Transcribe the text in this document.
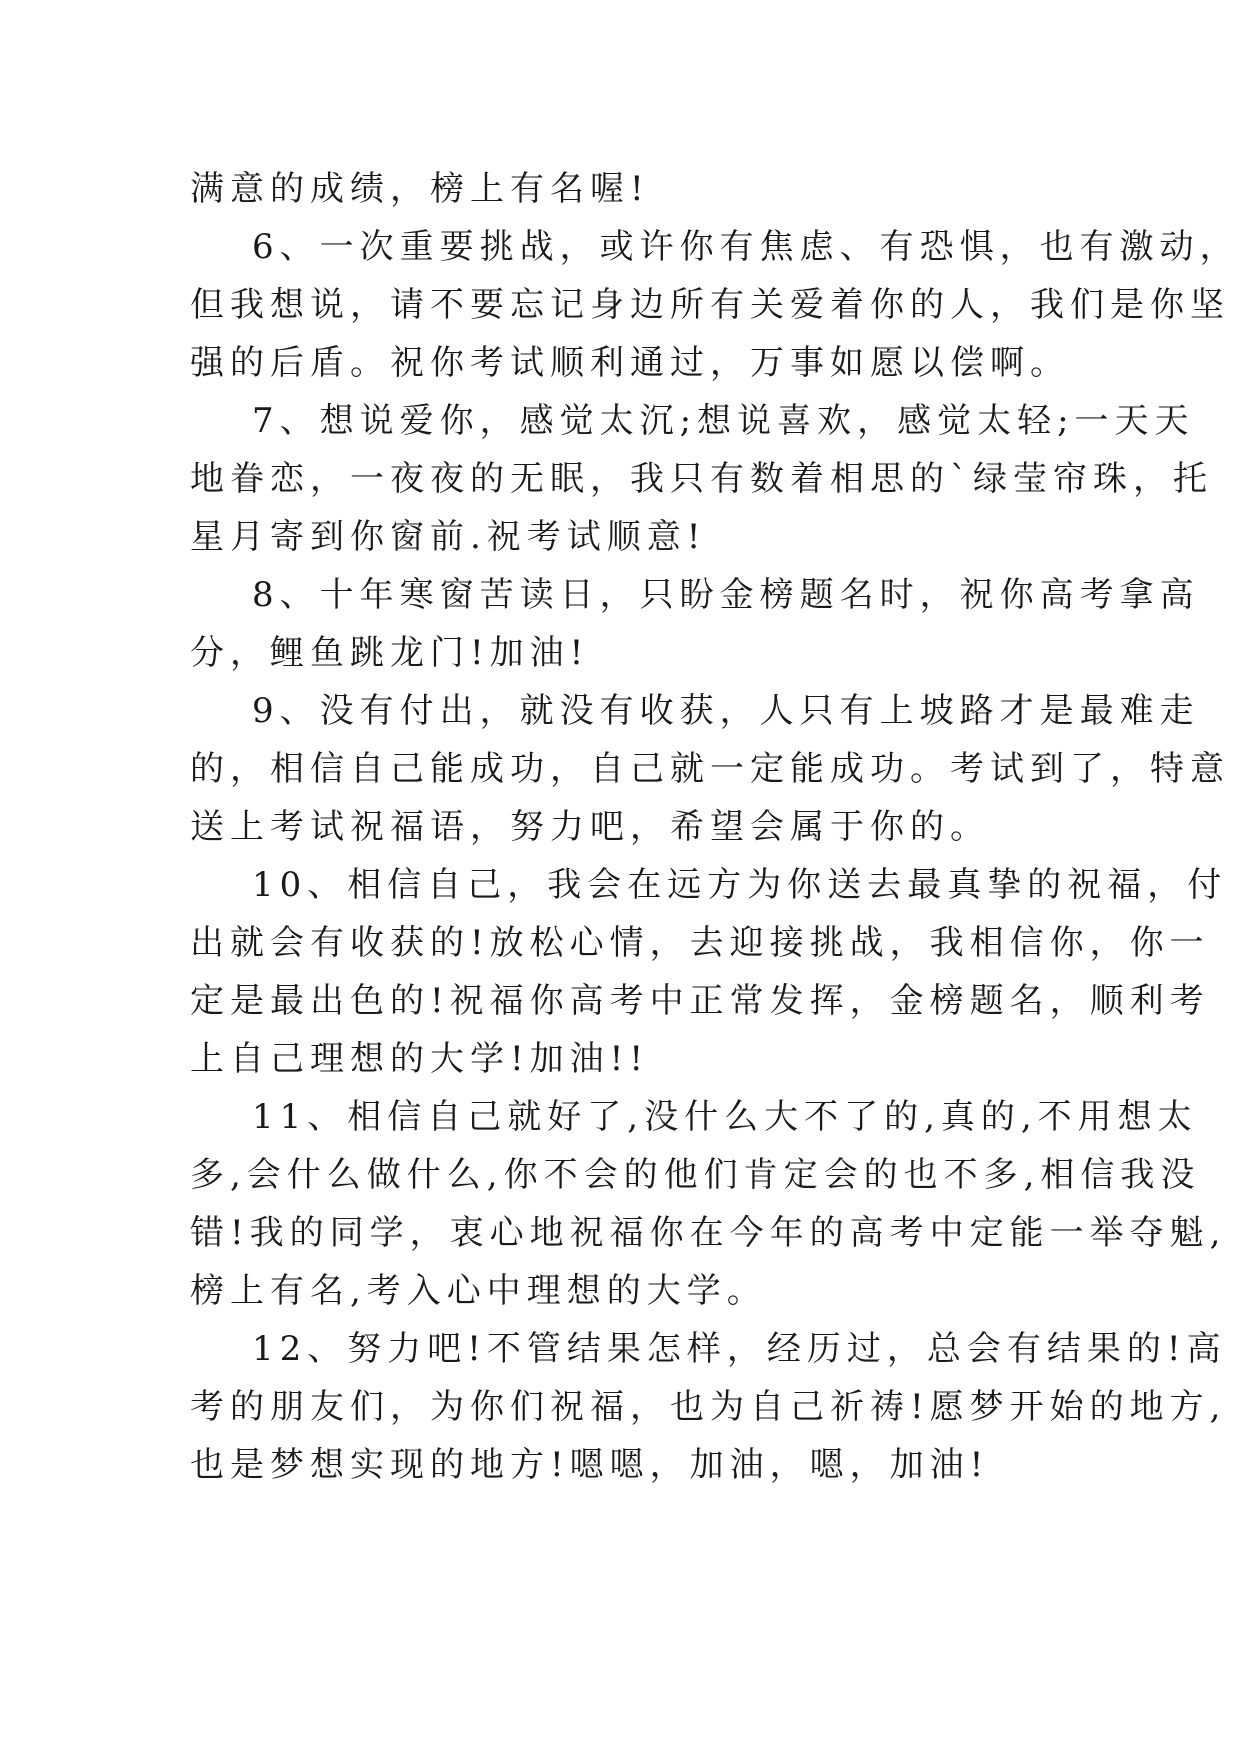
满意的成绩，榜上有名喔!
6、一次重要挑战，或许你有焦虑、有恐惧，也有激动，
但我想说，请不要忘记身边所有关爱着你的人，我们是你坚
强的后盾。祝你考试顺利通过，万事如愿以偿啊。
7、想说爱你，感觉太沉;想说喜欢，感觉太轻;一天天
地眷恋，一夜夜的无眠，我只有数着相思的`绿莹帘珠，托
星月寄到你窗前.祝考试顺意!
8、十年寒窗苦读日，只盼金榜题名时，祝你高考拿高
分，鲤鱼跳龙门!加油!
9、没有付出，就没有收获，人只有上坡路才是最难走
的，相信自己能成功，自己就一定能成功。考试到了，特意
送上考试祝福语，努力吧，希望会属于你的。
10、相信自己，我会在远方为你送去最真挚的祝福，付
出就会有收获的!放松心情，去迎接挑战，我相信你，你一
定是最出色的!祝福你高考中正常发挥，金榜题名，顺利考
上自己理想的大学!加油!!
11、相信自己就好了,没什么大不了的,真的,不用想太
多,会什么做什么,你不会的他们肯定会的也不多,相信我没
错!我的同学，衷心地祝福你在今年的高考中定能一举夺魁,
榜上有名,考入心中理想的大学。
12、努力吧!不管结果怎样，经历过，总会有结果的!高
考的朋友们，为你们祝福，也为自己祈祷!愿梦开始的地方,
也是梦想实现的地方!嗯嗯，加油，嗯，加油!
